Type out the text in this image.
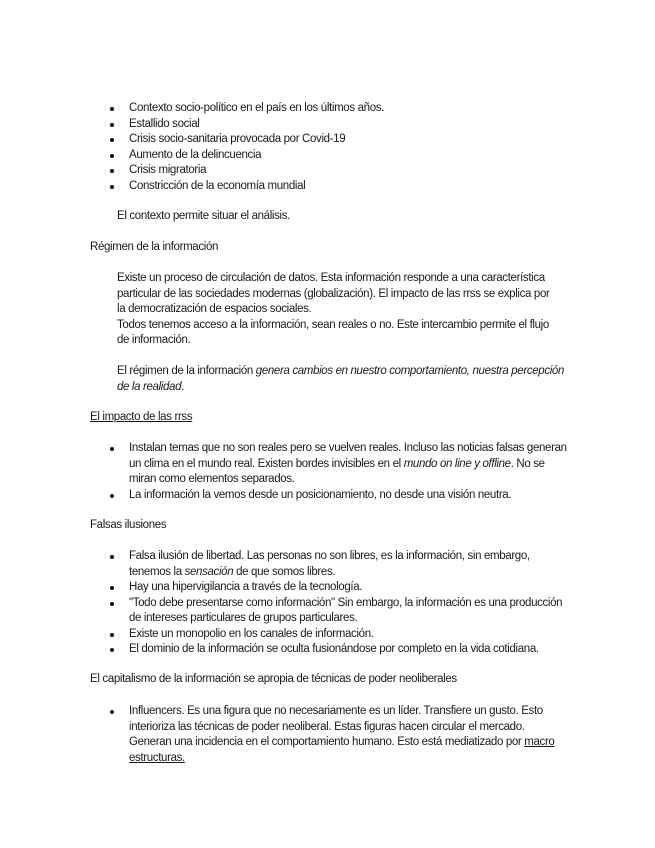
Contexto socio-político en el país en los últimos años.
Estallido social
Crisis socio-sanitaria provocada por Covid-19
Aumento de la delincuencia
Crisis migratoria
Constricción de la economía mundial
El contexto permite situar el análisis.
Régimen de la información
Existe un proceso de circulación de datos. Esta información responde a una característica particular de las sociedades modernas (globalización). El impacto de las rrss se explica por la democratización de espacios sociales.
Todos tenemos acceso a la información, sean reales o no. Este intercambio permite el flujo de información.
El régimen de la información genera cambios en nuestro comportamiento, nuestra percepción de la realidad.
El impacto de las rrss
Instalan temas que no son reales pero se vuelven reales. Incluso las noticias falsas generan un clima en el mundo real. Existen bordes invisibles en el mundo on line y offline. No se miran como elementos separados.
La información la vemos desde un posicionamiento, no desde una visión neutra.
Falsas ilusiones
Falsa ilusión de libertad. Las personas no son libres, es la información, sin embargo, tenemos la sensación de que somos libres.
Hay una hipervigilancia a través de la tecnología.
"Todo debe presentarse como información" Sin embargo, la información es una producción de intereses particulares de grupos particulares.
Existe un monopolio en los canales de información.
El dominio de la información se oculta fusionándose por completo en la vida cotidiana.
El capitalismo de la información se apropia de técnicas de poder neoliberales
Influencers. Es una figura que no necesariamente es un líder. Transfiere un gusto. Esto interioriza las técnicas de poder neoliberal. Estas figuras hacen circular el mercado. Generan una incidencia en el comportamiento humano. Esto está mediatizado por macro estructuras.
